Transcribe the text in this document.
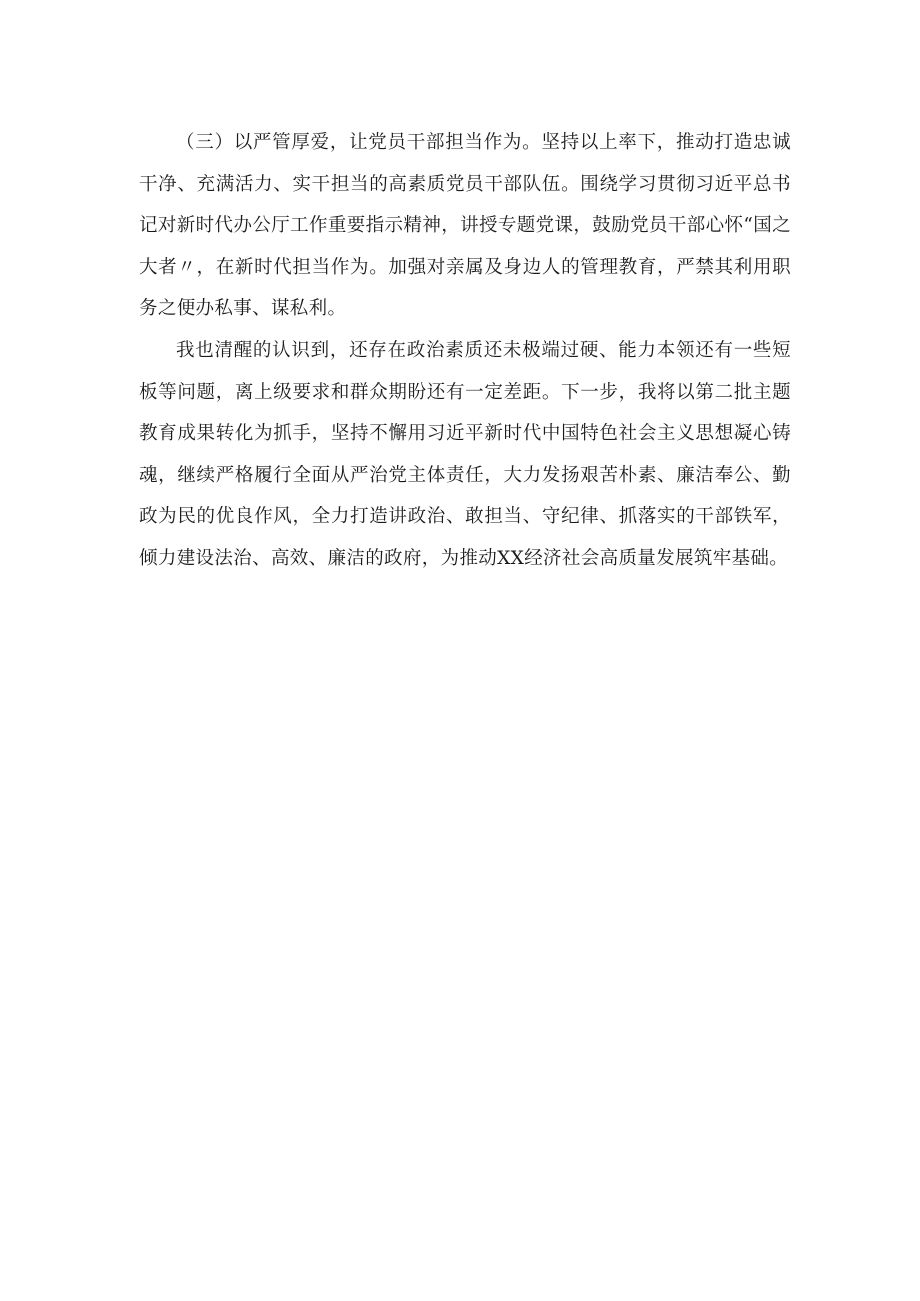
（三）以严管厚爱，让党员干部担当作为。坚持以上率下，推动打造忠诚干净、充满活力、实干担当的高素质党员干部队伍。围绕学习贯彻习近平总书记对新时代办公厅工作重要指示精神，讲授专题党课，鼓励党员干部心怀“国之大者〃，在新时代担当作为。加强对亲属及身边人的管理教育，严禁其利用职务之便办私事、谋私利。

我也清醒的认识到，还存在政治素质还未极端过硬、能力本领还有一些短板等问题，离上级要求和群众期盼还有一定差距。下一步，我将以第二批主题教育成果转化为抓手，坚持不懈用习近平新时代中国特色社会主义思想凝心铸魂，继续严格履行全面从严治党主体责任，大力发扬艰苦朴素、廉洁奉公、勤政为民的优良作风，全力打造讲政治、敢担当、守纪律、抓落实的干部铁军，倾力建设法治、高效、廉洁的政府，为推动XX经济社会高质量发展筑牢基础。
